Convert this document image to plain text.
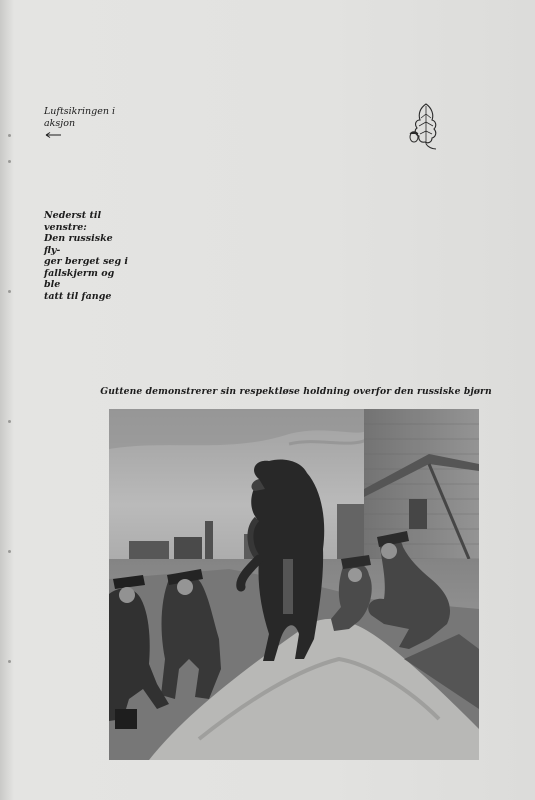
Luftsikringen i
aksjon
Nederst til venstre:
Den russiske fly-
ger berget seg i
fallskjerm og ble
tatt til fange
Guttene demonstrerer sin respektløse holdning overfor den russiske bjørn
